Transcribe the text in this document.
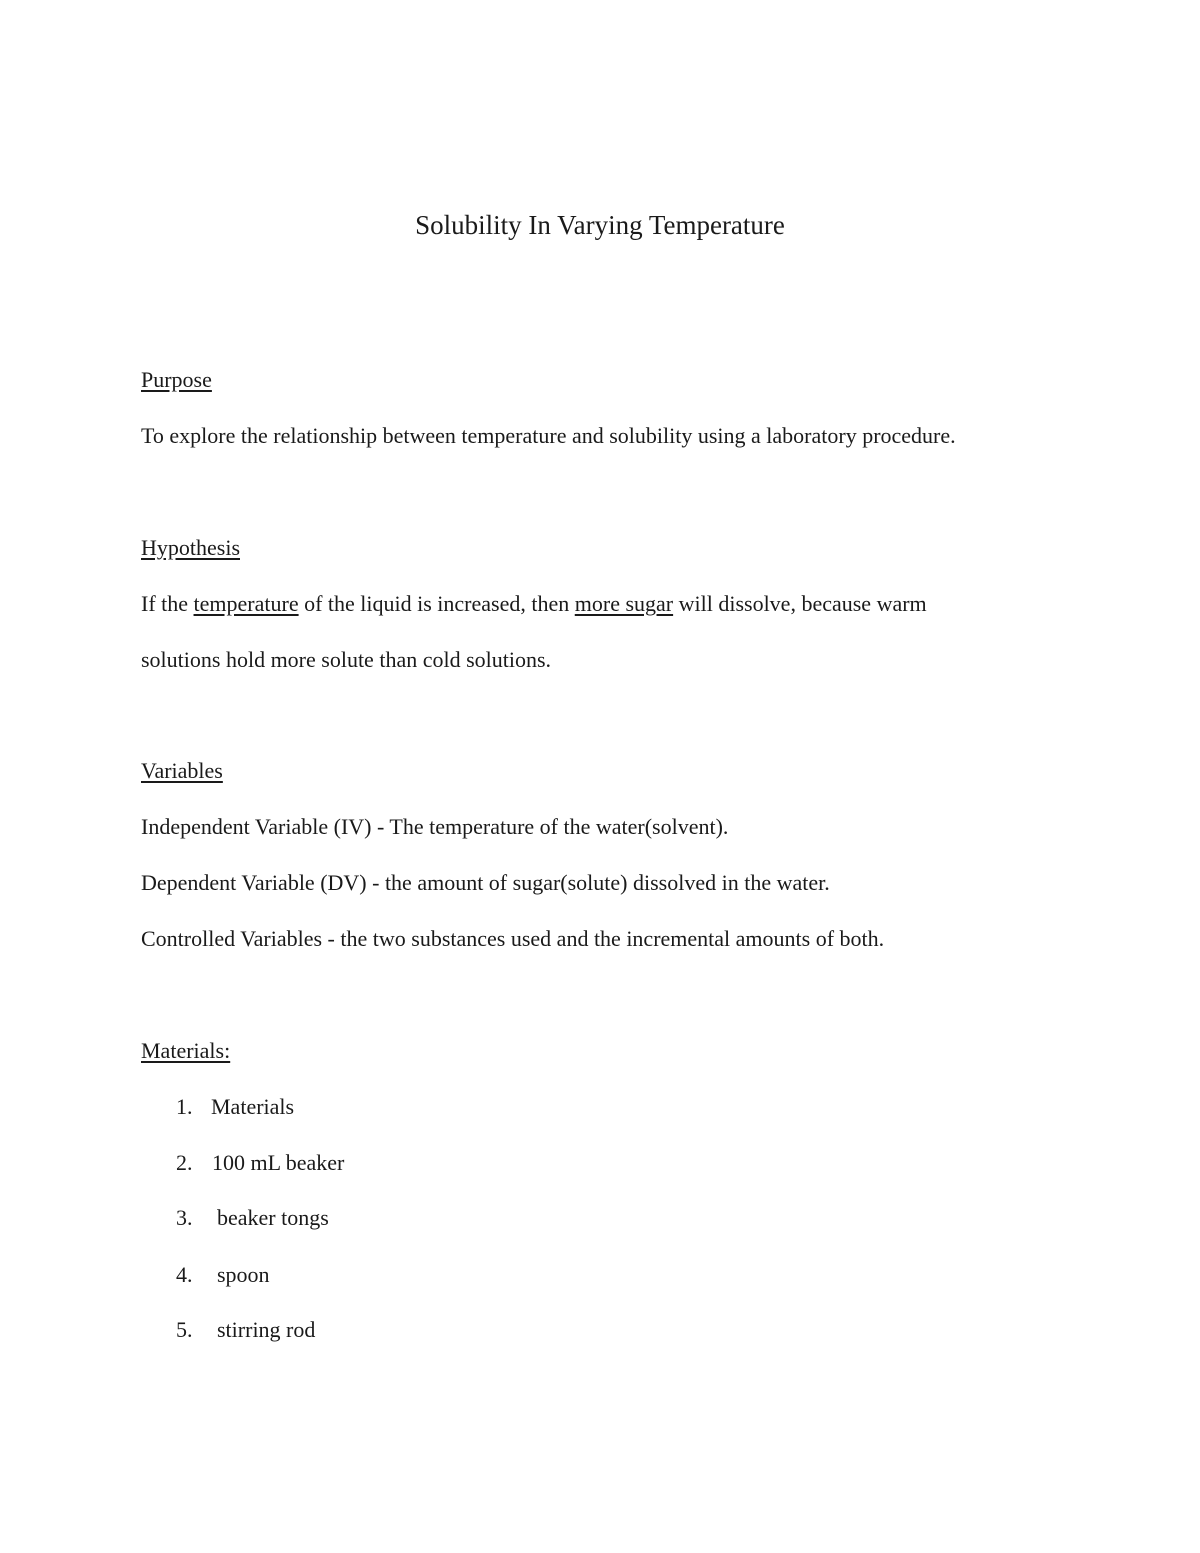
Solubility In Varying Temperature
Purpose
To explore the relationship between temperature and solubility using a laboratory procedure.
Hypothesis
If the temperature of the liquid is increased, then more sugar will dissolve, because warm
solutions hold more solute than cold solutions.
Variables
Independent Variable (IV) - The temperature of the water(solvent).
Dependent Variable (DV) - the amount of sugar(solute) dissolved in the water.
Controlled Variables - the two substances used and the incremental amounts of both.
Materials:
1. Materials
2. 100 mL beaker
3. beaker tongs
4. spoon
5. stirring rod
